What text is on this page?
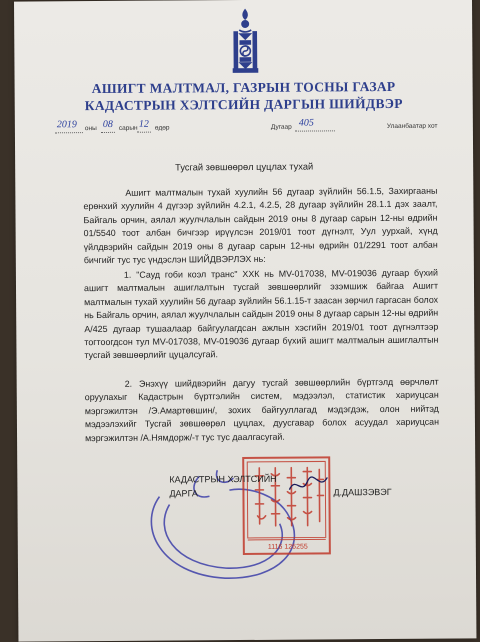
АШИГТ МАЛТМАЛ, ГАЗРЫН ТОСНЫ ГАЗАР
КАДАСТРЫН ХЭЛТСИЙН ДАРГЫН ШИЙДВЭР
2019 оны 08 сарын 12 өдөр	Дугаар 405	Улаанбаатар хот
Тусгай зөвшөөрөл цуцлах тухай

Ашигт малтмалын тухай хуулийн 56 дугаар зүйлийн 56.1.5, Захиргааны ерөнхий хуулийн 4 дүгээр зүйлийн 4.2.1, 4.2.5, 28 дугаар зүйлийн 28.1.1 дэх заалт, Байгаль орчин, аялал жуулчлалын сайдын 2019 оны 8 дугаар сарын 12-ны өдрийн 01/5540 тоот албан бичгээр ирүүлсэн 2019/01 тоот дүгнэлт, Уул уурхай, хүнд үйлдвэрийн сайдын 2019 оны 8 дугаар сарын 12-ны өдрийн 01/2291 тоот албан бичгийг тус тус үндэслэн ШИЙДВЭРЛЭХ нь:

1. "Сауд гоби коэл транс" ХХК нь MV-017038, MV-019036 дугаар бүхий ашигт малтмалын ашиглалтын тусгай зөвшөөрлийг эзэмшиж байгаа Ашигт малтмалын тухай хуулийн 56 дугаар зүйлийн 56.1.15-т заасан зөрчил гаргасан болох нь Байгаль орчин, аялал жуулчлалын сайдын 2019 оны 8 дугаар сарын 12-ны өдрийн А/425 дугаар тушаалаар байгуулагдсан ажлын хэсгийн 2019/01 тоот дүгнэлтээр тогтоогдсон тул MV-017038, MV-019036 дугаар бүхий ашигт малтмалын ашиглалтын тусгай зөвшөөрлийг цуцалсугай.

2. Энэхүү шийдвэрийн дагуу тусгай зөвшөөрлийн бүртгэлд өөрчлөлт оруулахыг Кадастрын бүртгэлийн систем, мэдээлэл, статистик хариуцсан мэргэжилтэн /Э.Амартөвшин/, зохих байгууллагад мэдэгдэж, олон нийтэд мэдээлэхийг Тусгай зөвшөөрөл цуцлах, дуусгавар болох асуудал хариуцсан мэргэжилтэн /А.Нямдорж/-т тус тус даалгасугай.

1116 126255
КАДАСТРЫН ХЭЛТСИЙН
ДАРГА	Д.ДАШЗЭВЭГ
